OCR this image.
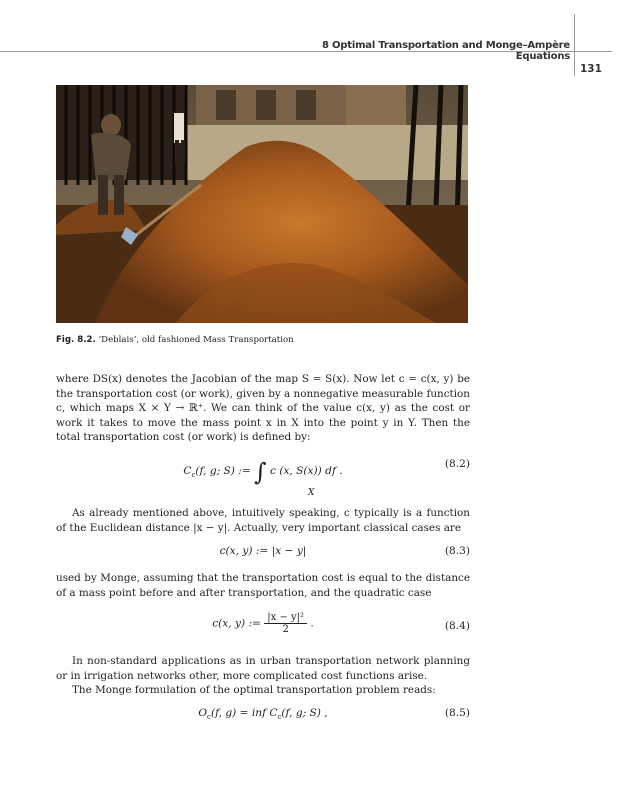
8 Optimal Transportation and Monge–Ampère Equations
131
Fig. 8.2. ‘Deblais’, old fashioned Mass Transportation
where DS(x) denotes the Jacobian of the map S = S(x). Now let c = c(x, y) be the transportation cost (or work), given by a nonnegative measurable function c, which maps X × Y → ℝ⁺. We can think of the value c(x, y) as the cost or work it takes to move the mass point x in X into the point y in Y. Then the total transportation cost (or work) is defined by:
$C_c(f$, g; S) := ∫ c (x, S(x)) df .
X
(8.2)
As already mentioned above, intuitively speaking, c typically is a function of the Euclidean distance |x − y|. Actually, very important classical cases are
c(x, y) := |x − y|	(8.3)
used by Monge, assuming that the transportation cost is equal to the distance of a mass point before and after transportation, and the quadratic case
c(x, y) := $\frac{\text{|x − y|²}}{2}$ .	(8.4)
In non-standard applications as in urban transportation network planning or in irrigation networks other, more complicated cost functions arise.
The Monge formulation of the optimal transportation problem reads:
$O_c(f$, g) = inf $C_c(f$, g; S) ,	(8.5)
